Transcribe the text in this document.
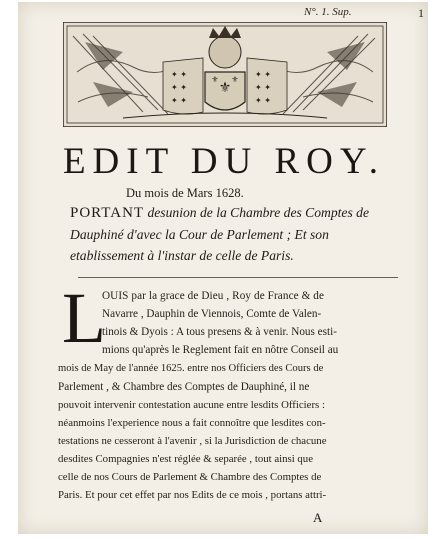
N°. 1. Sup.	1
✦ ✦
✦ ✦
✦ ✦
✦ ✦
✦ ✦
✦ ✦
⚜
⚜ ⚜
EDIT DU ROY.
Du mois de Mars 1628.
PORTANT desunion de la Chambre des Comptes de Dauphiné d'avec la Cour de Parlement ; Et son etablissement à l'instar de celle de Paris.
L
OUIS par la grace de Dieu , Roy de France & de
Navarre , Dauphin de Viennois, Comte de Valen-
tinois & Dyois : A tous presens & à venir. Nous esti-
mions qu'après le Reglement fait en nôtre Conseil au
mois de May de l'année 1625. entre nos Officiers des Cours de
Parlement , & Chambre des Comptes de Dauphiné, il ne
pouvoit intervenir contestation aucune entre lesdits Officiers :
néanmoins l'experience nous a fait connoître que lesdites con-
testations ne cesseront à l'avenir , si la Jurisdiction de chacune
desdites Compagnies n'est réglée & separée , tout ainsi que
celle de nos Cours de Parlement & Chambre des Comptes de
Paris. Et pour cet effet par nos Edits de ce mois , portans attri-
A
